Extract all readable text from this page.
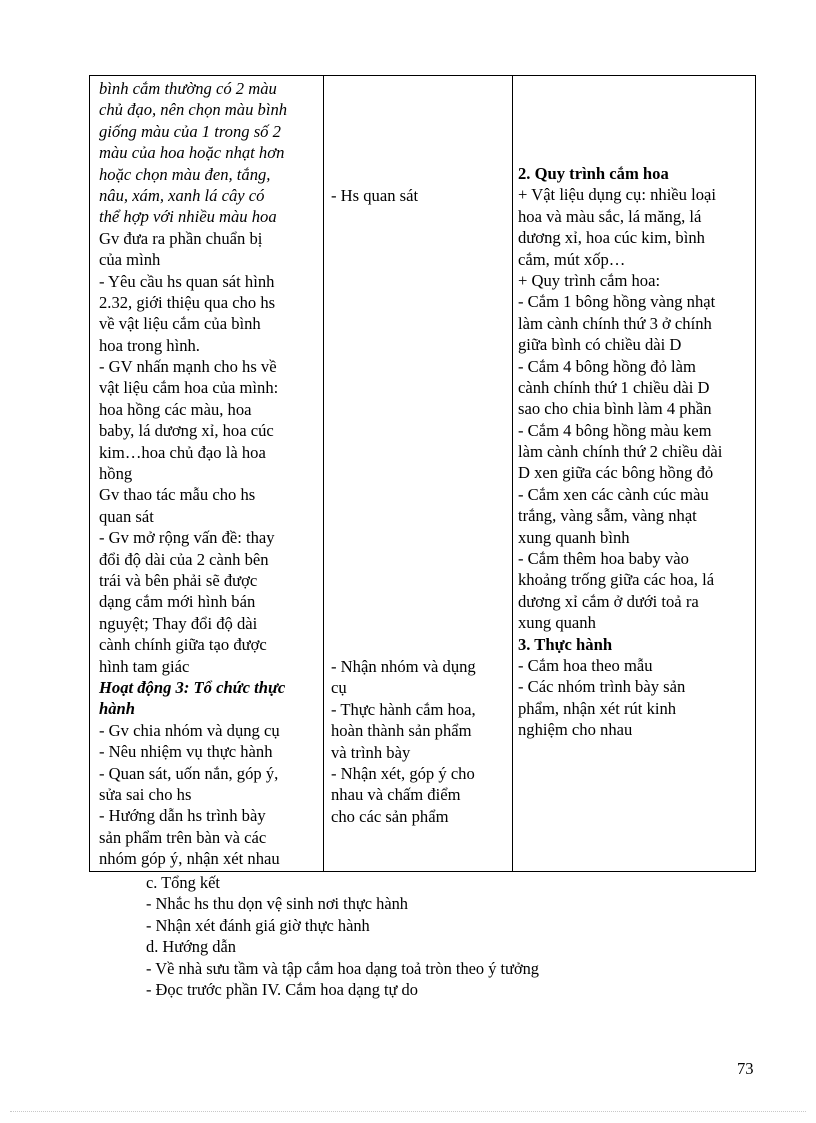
bình cắm thường có 2 màu
chủ đạo, nên chọn màu bình
giống màu của 1 trong số 2
màu của hoa hoặc nhạt hơn
hoặc chọn màu đen, tắng,
nâu, xám, xanh lá cây có
thể hợp với nhiều màu hoa
Gv đưa ra phần chuẩn bị
của mình
- Yêu cầu hs quan sát hình
2.32, giới thiệu qua cho hs
về vật liệu cắm của bình
hoa trong hình.
- GV nhấn mạnh cho hs về
vật liệu cắm hoa của mình:
hoa hồng các màu, hoa
baby, lá dương xỉ, hoa cúc
kim…hoa chủ đạo là hoa
hồng
Gv thao tác mẫu cho hs
quan sát
- Gv mở rộng vấn đề: thay
đổi độ dài của 2 cành bên
trái và bên phải sẽ được
dạng cắm mới hình bán
nguyệt; Thay đổi độ dài
cành chính giữa tạo được
hình tam giác
Hoạt động 3: Tổ chức thực
hành
- Gv chia nhóm và dụng cụ
- Nêu nhiệm vụ thực hành
- Quan sát, uốn nắn, góp ý,
sửa sai cho hs
- Hướng dẫn hs trình bày
sản phẩm trên bàn và các
nhóm góp ý, nhận xét nhau
- Hs quan sát
- Nhận nhóm và dụng
cụ
- Thực hành cắm hoa,
hoàn thành sản phẩm
và trình bày
- Nhận xét, góp ý cho
nhau và chấm điểm
cho các sản phẩm
2. Quy trình cắm hoa
+ Vật liệu dụng cụ: nhiều loại
hoa và màu sắc, lá măng, lá
dương xỉ, hoa cúc kim, bình
cắm, mút xốp…
+ Quy trình cắm hoa:
- Cắm 1 bông hồng vàng nhạt
làm cành chính thứ 3 ở chính
giữa bình có chiều dài D
- Cắm 4 bông hồng đỏ làm
cành chính thứ 1 chiều dài D
sao cho chia bình làm 4 phần
- Cắm 4 bông hồng màu kem
làm cành chính thứ 2 chiều dài
D xen giữa các bông hồng đỏ
- Cắm xen các cành cúc màu
trắng, vàng sẫm, vàng nhạt
xung quanh bình
- Cắm thêm hoa baby vào
khoảng trống giữa các hoa, lá
dương xỉ cắm ở dưới toả ra
xung quanh
3. Thực hành
- Cắm hoa theo mẫu
- Các nhóm trình bày sản
phẩm, nhận xét rút kinh
nghiệm cho nhau
c. Tổng kết
- Nhắc hs thu dọn vệ sinh nơi thực hành
- Nhận xét đánh giá giờ thực hành
d. Hướng dẫn
- Về nhà sưu tầm và tập cắm hoa dạng toả tròn theo ý tưởng
- Đọc trước phần IV. Cắm hoa dạng tự do
73
